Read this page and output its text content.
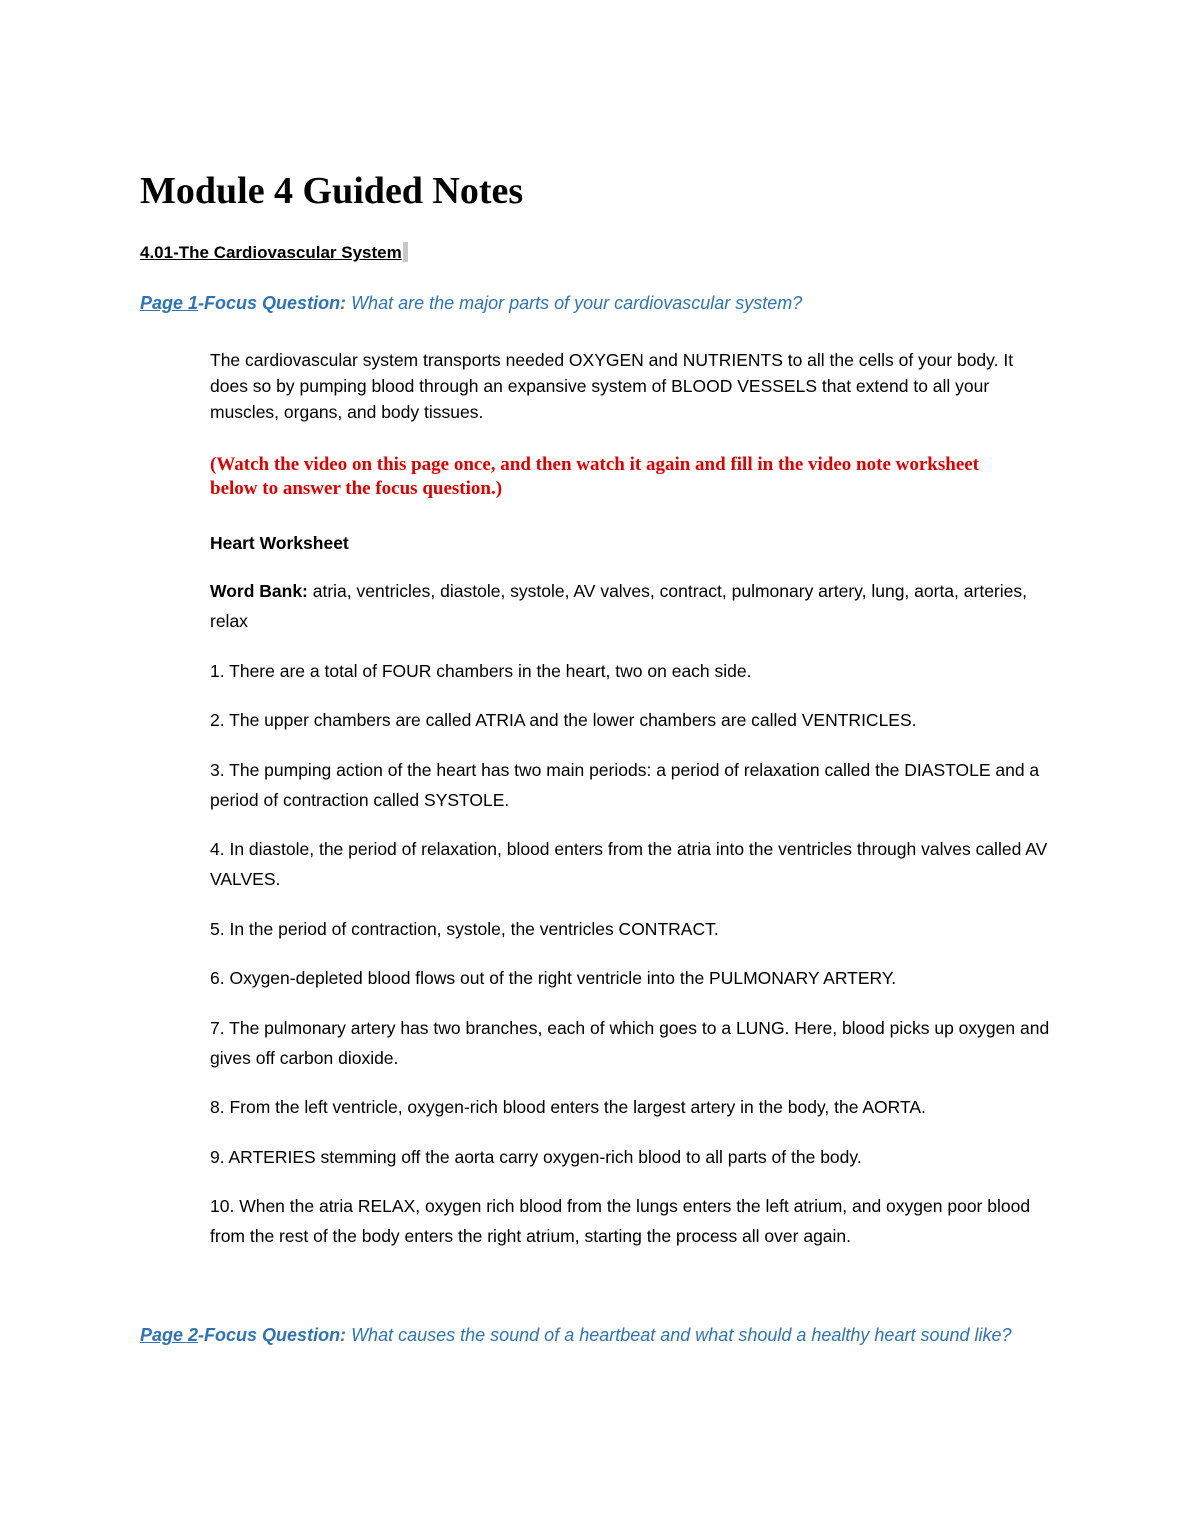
Module 4 Guided Notes

4.01-The Cardiovascular System

Page 1-Focus Question: What are the major parts of your cardiovascular system?

The cardiovascular system transports needed OXYGEN and NUTRIENTS to all the cells of your body. It does so by pumping blood through an expansive system of BLOOD VESSELS that extend to all your muscles, organs, and body tissues.

(Watch the video on this page once, and then watch it again and fill in the video note worksheet below to answer the focus question.)

Heart Worksheet

Word Bank: atria, ventricles, diastole, systole, AV valves, contract, pulmonary artery, lung, aorta, arteries, relax

1. There are a total of FOUR chambers in the heart, two on each side.

2. The upper chambers are called ATRIA and the lower chambers are called VENTRICLES.

3. The pumping action of the heart has two main periods: a period of relaxation called the DIASTOLE and a period of contraction called SYSTOLE.

4. In diastole, the period of relaxation, blood enters from the atria into the ventricles through valves called AV VALVES.

5. In the period of contraction, systole, the ventricles CONTRACT.

6. Oxygen-depleted blood flows out of the right ventricle into the PULMONARY ARTERY.

7. The pulmonary artery has two branches, each of which goes to a LUNG. Here, blood picks up oxygen and gives off carbon dioxide.

8. From the left ventricle, oxygen-rich blood enters the largest artery in the body, the AORTA.

9. ARTERIES stemming off the aorta carry oxygen-rich blood to all parts of the body.

10. When the atria RELAX, oxygen rich blood from the lungs enters the left atrium, and oxygen poor blood from the rest of the body enters the right atrium, starting the process all over again.

Page 2-Focus Question: What causes the sound of a heartbeat and what should a healthy heart sound like?
